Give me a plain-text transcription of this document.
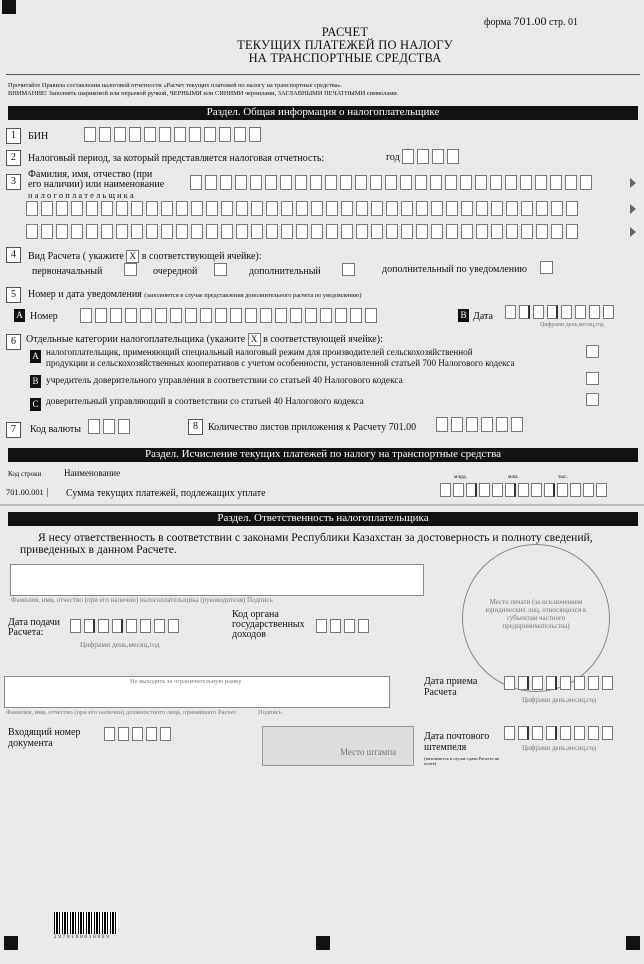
форма 701.00 стр. 01
РАСЧЕТ
ТЕКУЩИХ ПЛАТЕЖЕЙ ПО НАЛОГУ
НА ТРАНСПОРТНЫЕ СРЕДСТВА
Прочитайте Правила составления налоговой отчетности «Расчет текущих платежей по налогу на транспортные средства».
ВНИМАНИЕ! Заполнять шариковой или перьевой ручкой, ЧЕРНЫМИ или СИНИМИ чернилами, ЗАГЛАВНЫМИ ПЕЧАТНЫМИ символами.
Раздел. Общая информация о налогоплательщике
1	БИН
2	Налоговый период, за который представляется налоговая отчетность:	год
3
Фамилия, имя, отчество (при
его наличии) или наименование
н а л о г о п л а т е л ь щ и к а
4	Вид Расчета ( укажите X в соответствующей ячейке):
первоначальный	очередной	дополнительный	дополнительный по уведомлению
5	Номер и дата уведомления (заполняется в случае представления дополнительного расчета по уведомлению)
A Номер	B Дата
Цифрами день,месяц,год
6	Отдельные категории налогоплательщика (укажите X в соответствующей ячейке):
A налогоплательщик, применяющий специальный налоговый режим для производителей сельскохозяйственной
продукции и сельскохозяйственных кооперативов с учетом особенности, установленной статьей 700 Налогового кодекса
B учредитель доверительного управления в соответствии со статьей 40 Налогового кодекса
C доверительный управляющий в соответствии со статьей 40 Налогового кодекса
7	Код валюты	8	Количество листов приложения к Расчету 701.00
Раздел. Исчисление текущих платежей по налогу на транспортные средства
Код строки	Наименование	млрд.	млн.	тыс.
701.00.001	Сумма текущих платежей, подлежащих уплате
Раздел. Ответственность налогоплательщика
Я несу ответственность в соответствии с законами Республики Казахстан за достоверность и полноту сведений, приведенных в данном Расчете.
Фамилия, имя, отчество (при его наличии) налогоплательщика (руководителя) Подпись	Место печати (за исключением юридических лиц, относящихся к субъектам частного предпринимательства)
Дата подачи
Расчета:
Цифрами день,месяц,год
Код органа
государственных
доходов
Не выходить за ограничительную рамку
Фамилия, имя, отчество (при его наличии) должностного лица, принявшего Расчет	Подпись
Дата приема
Расчета
Цифрами день,месяц,год
Входящий номер
документа
Место штампа
Дата почтового
штемпеля
(заполняется в случае сдачи Расчета по почте)
Цифрами день,месяц,год
2 9 7 0 1 0 0 0 1 0 0 0 9
